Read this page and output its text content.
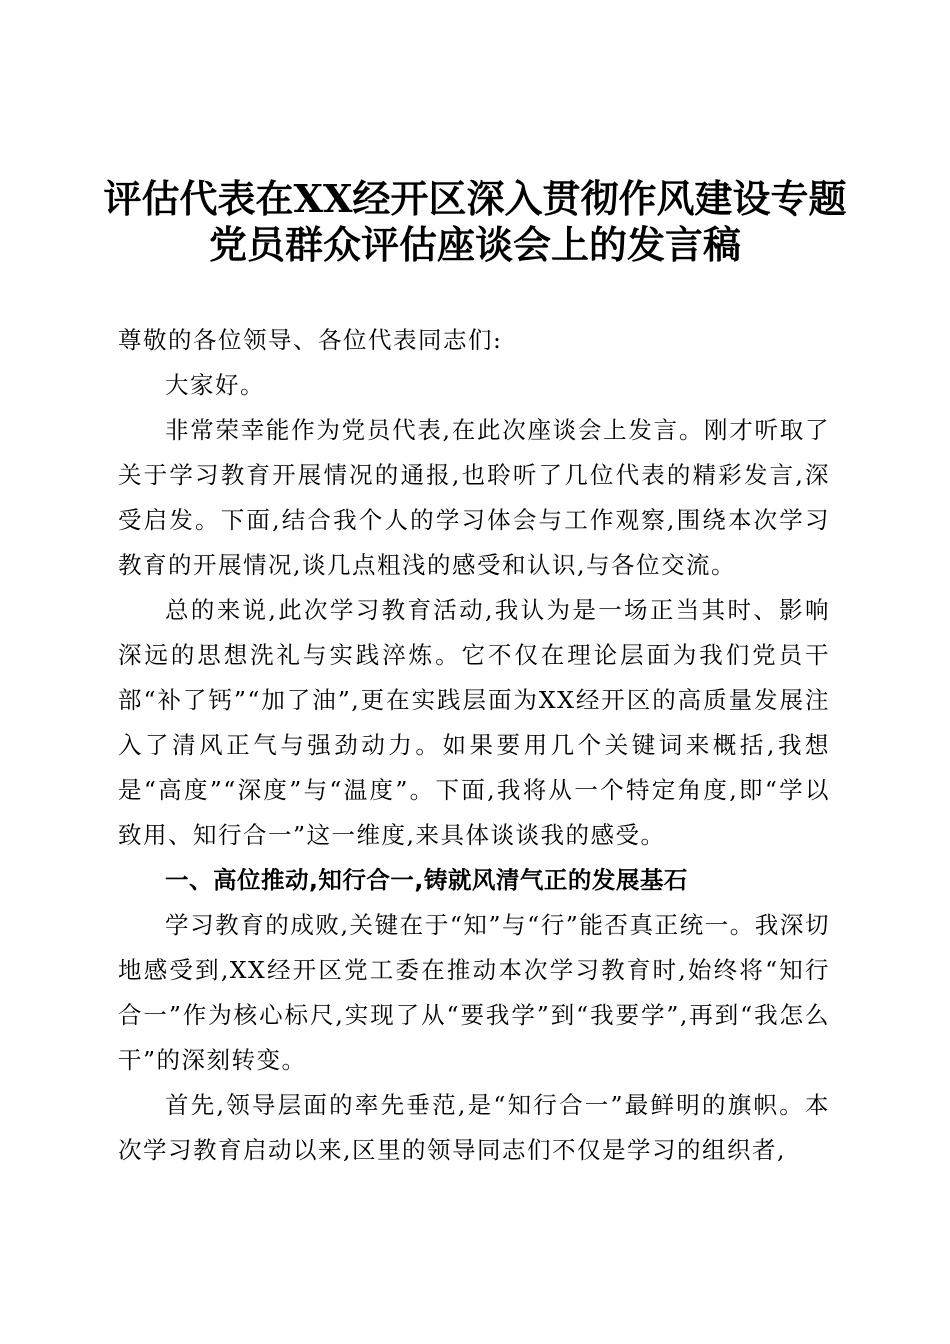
评估代表在XX经开区深入贯彻作风建设专题
党员群众评估座谈会上的发言稿

尊敬的各位领导、各位代表同志们:

大家好。

非常荣幸能作为党员代表,在此次座谈会上发言。刚才听取了关于学习教育开展情况的通报,也聆听了几位代表的精彩发言,深受启发。下面,结合我个人的学习体会与工作观察,围绕本次学习教育的开展情况,谈几点粗浅的感受和认识,与各位交流。

总的来说,此次学习教育活动,我认为是一场正当其时、影响深远的思想洗礼与实践淬炼。它不仅在理论层面为我们党员干部“补了钙”“加了油”,更在实践层面为XX经开区的高质量发展注入了清风正气与强劲动力。如果要用几个关键词来概括,我想是“高度”“深度”与“温度”。下面,我将从一个特定角度,即“学以致用、知行合一”这一维度,来具体谈谈我的感受。

一、高位推动,知行合一,铸就风清气正的发展基石

学习教育的成败,关键在于“知”与“行”能否真正统一。我深切地感受到,XX经开区党工委在推动本次学习教育时,始终将“知行合一”作为核心标尺,实现了从“要我学”到“我要学”,再到“我怎么干”的深刻转变。

首先,领导层面的率先垂范,是“知行合一”最鲜明的旗帜。本次学习教育启动以来,区里的领导同志们不仅是学习的组织者,
